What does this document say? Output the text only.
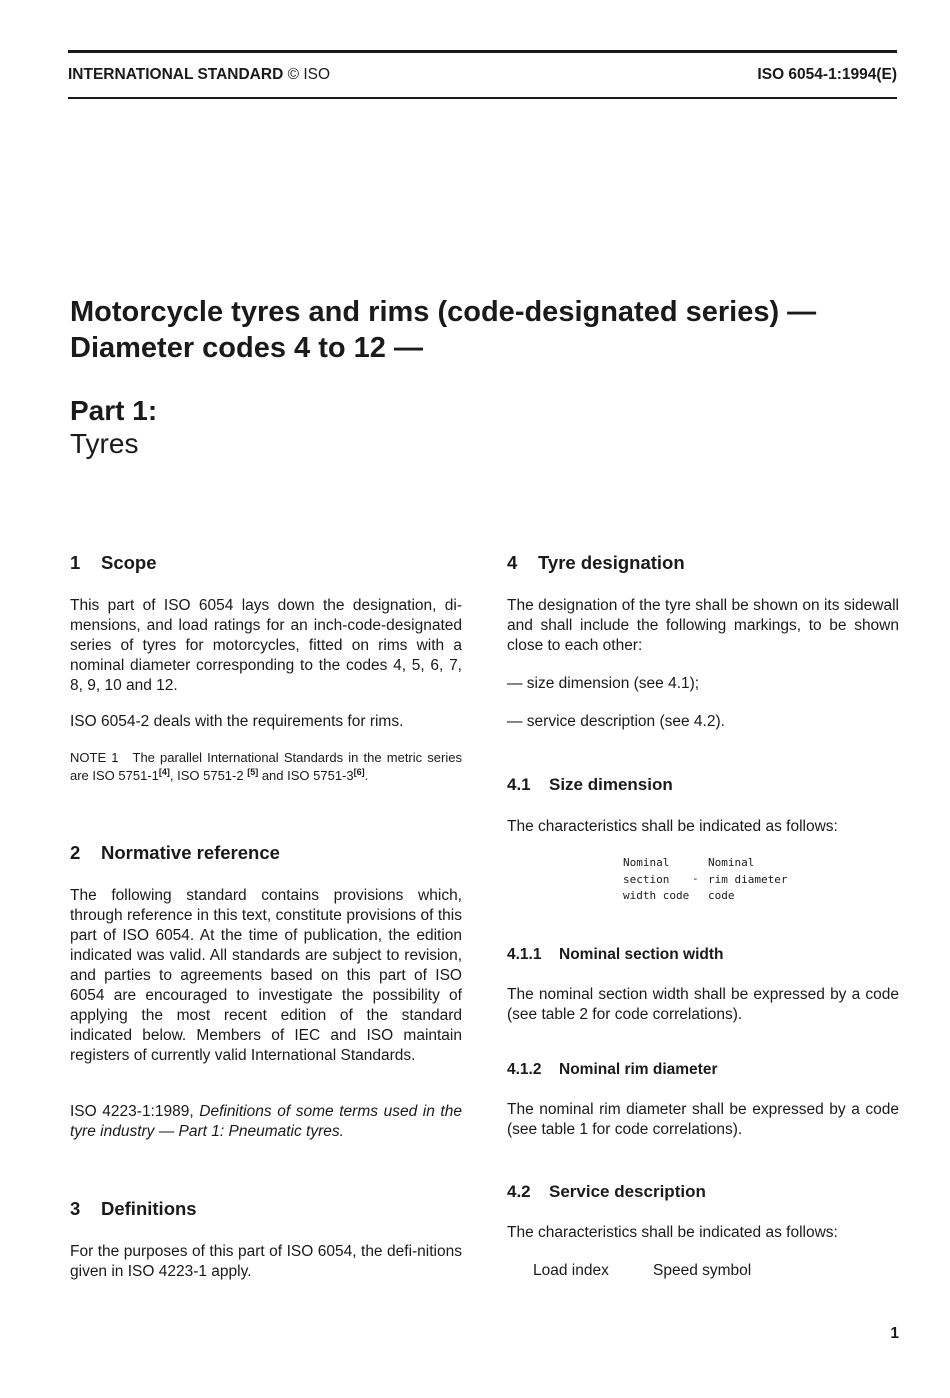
INTERNATIONAL STANDARD © ISO	ISO 6054-1:1994(E)
Motorcycle tyres and rims (code-designated series) —
Diameter codes 4 to 12 —
Part 1:
Tyres
1 Scope

This part of ISO 6054 lays down the designation, di-mensions, and load ratings for an inch-code-designated series of tyres for motorcycles, fitted on rims with a nominal diameter corresponding to the codes 4, 5, 6, 7, 8, 9, 10 and 12.

ISO 6054-2 deals with the requirements for rims.

NOTE 1 The parallel International Standards in the metric series are ISO 5751-1[4], ISO 5751-2 [5] and ISO 5751-3[6].

2 Normative reference

The following standard contains provisions which, through reference in this text, constitute provisions of this part of ISO 6054. At the time of publication, the edition indicated was valid. All standards are subject to revision, and parties to agreements based on this part of ISO 6054 are encouraged to investigate the possibility of applying the most recent edition of the standard indicated below. Members of IEC and ISO maintain registers of currently valid International Standards.

ISO 4223-1:1989, Definitions of some terms used in the tyre industry — Part 1: Pneumatic tyres.

3 Definitions

For the purposes of this part of ISO 6054, the defi-nitions given in ISO 4223-1 apply.

4 Tyre designation

The designation of the tyre shall be shown on its sidewall and shall include the following markings, to be shown close to each other:

— size dimension (see 4.1);

— service description (see 4.2).

4.1 Size dimension

The characteristics shall be indicated as follows:

Nominal
section
width code
-
Nominal
rim diameter
code
4.1.1 Nominal section width

The nominal section width shall be expressed by a code (see table 2 for code correlations).

4.1.2 Nominal rim diameter

The nominal rim diameter shall be expressed by a code (see table 1 for code correlations).

4.2 Service description

The characteristics shall be indicated as follows:

Load index	Speed symbol
1
